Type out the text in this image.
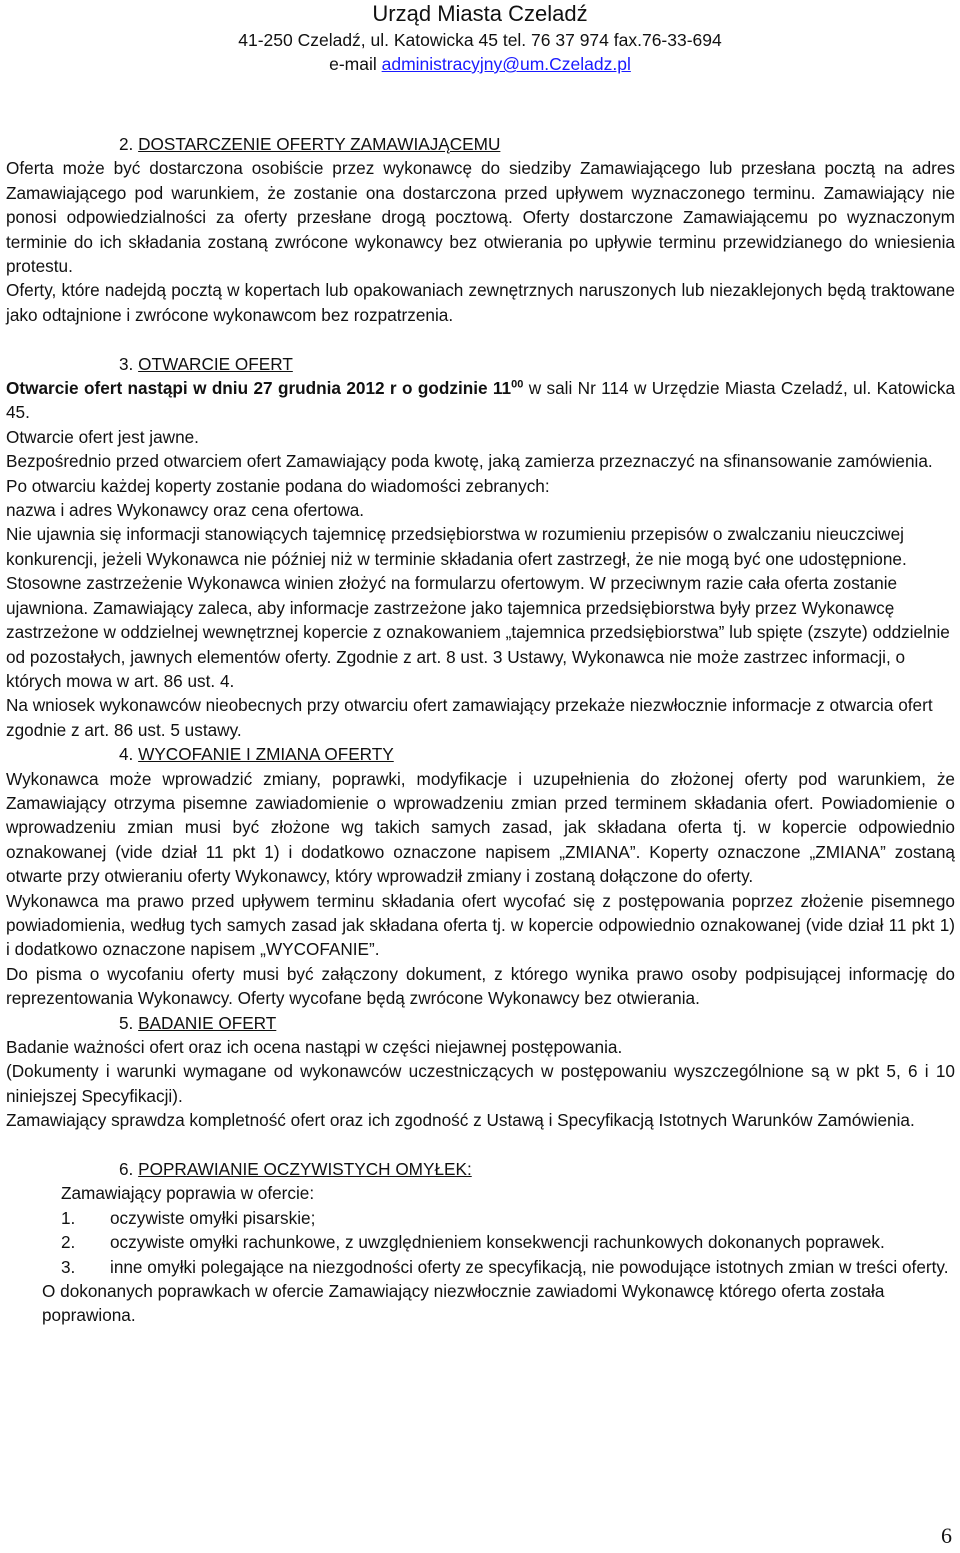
Urząd Miasta Czeladź
41-250 Czeladź, ul. Katowicka 45 tel. 76 37 974 fax.76-33-694
e-mail administracyjny@um.Czeladz.pl

2. DOSTARCZENIE OFERTY ZAMAWIAJĄCEMU

Oferta może być dostarczona osobiście przez wykonawcę do siedziby Zamawiającego lub przesłana pocztą na adres Zamawiającego pod warunkiem, że zostanie ona dostarczona przed upływem wyznaczonego terminu. Zamawiający nie ponosi odpowiedzialności za oferty przesłane drogą pocztową. Oferty dostarczone Zamawiającemu po wyznaczonym terminie do ich składania zostaną zwrócone wykonawcy bez otwierania po upływie terminu przewidzianego do wniesienia protestu.

Oferty, które nadejdą pocztą w kopertach lub opakowaniach zewnętrznych naruszonych lub niezaklejonych będą traktowane jako odtajnione i zwrócone wykonawcom bez rozpatrzenia.

3. OTWARCIE OFERT

Otwarcie ofert nastąpi w dniu 27 grudnia 2012 r o godzinie $11^{00}$ w sali Nr 114 w Urzędzie Miasta Czeladź, ul. Katowicka 45.

Otwarcie ofert jest jawne.

Bezpośrednio przed otwarciem ofert Zamawiający poda kwotę, jaką zamierza przeznaczyć na sfinansowanie zamówienia.

Po otwarciu każdej koperty zostanie podana do wiadomości zebranych:

nazwa i adres Wykonawcy oraz cena ofertowa.

Nie ujawnia się informacji stanowiących tajemnicę przedsiębiorstwa w rozumieniu przepisów o zwalczaniu nieuczciwej konkurencji, jeżeli Wykonawca nie później niż w terminie składania ofert zastrzegł, że nie mogą być one udostępnione.

Stosowne zastrzeżenie Wykonawca winien złożyć na formularzu ofertowym. W przeciwnym razie cała oferta zostanie ujawniona. Zamawiający zaleca, aby informacje zastrzeżone jako tajemnica przedsiębiorstwa były przez Wykonawcę zastrzeżone w oddzielnej wewnętrznej kopercie z oznakowaniem „tajemnica przedsiębiorstwa” lub spięte (zszyte) oddzielnie od pozostałych, jawnych elementów oferty. Zgodnie z art. 8 ust. 3 Ustawy, Wykonawca nie może zastrzec informacji, o których mowa w art. 86 ust. 4.

Na wniosek wykonawców nieobecnych przy otwarciu ofert zamawiający przekaże niezwłocznie informacje z otwarcia ofert zgodnie z art. 86 ust. 5 ustawy.

4. WYCOFANIE I ZMIANA OFERTY

Wykonawca może wprowadzić zmiany, poprawki, modyfikacje i uzupełnienia do złożonej oferty pod warunkiem, że Zamawiający otrzyma pisemne zawiadomienie o wprowadzeniu zmian przed terminem składania ofert. Powiadomienie o wprowadzeniu zmian musi być złożone wg takich samych zasad, jak składana oferta tj. w kopercie odpowiednio oznakowanej (vide dział 11 pkt 1) i dodatkowo oznaczone napisem „ZMIANA”. Koperty oznaczone „ZMIANA” zostaną otwarte przy otwieraniu oferty Wykonawcy, który wprowadził zmiany i zostaną dołączone do oferty.

Wykonawca ma prawo przed upływem terminu składania ofert wycofać się z postępowania poprzez złożenie pisemnego powiadomienia, według tych samych zasad jak składana oferta tj. w kopercie odpowiednio oznakowanej (vide dział 11 pkt 1) i dodatkowo oznaczone napisem „WYCOFANIE”.

Do pisma o wycofaniu oferty musi być załączony dokument, z którego wynika prawo osoby podpisującej informację do reprezentowania Wykonawcy. Oferty wycofane będą zwrócone Wykonawcy bez otwierania.

5. BADANIE OFERT

Badanie ważności ofert oraz ich ocena nastąpi w części niejawnej postępowania.

(Dokumenty i warunki wymagane od wykonawców uczestniczących w postępowaniu wyszczególnione są w pkt 5, 6 i 10 niniejszej Specyfikacji).

Zamawiający sprawdza kompletność ofert oraz ich zgodność z Ustawą i Specyfikacją Istotnych Warunków Zamówienia.

6. POPRAWIANIE OCZYWISTYCH OMYŁEK:

Zamawiający poprawia w ofercie:

1. oczywiste omyłki pisarskie;
2. oczywiste omyłki rachunkowe, z uwzględnieniem konsekwencji rachunkowych dokonanych poprawek.
3. inne omyłki polegające na niezgodności oferty ze specyfikacją, nie powodujące istotnych zmian w treści oferty.

O dokonanych poprawkach w ofercie Zamawiający niezwłocznie zawiadomi Wykonawcę którego oferta została poprawiona.

6
